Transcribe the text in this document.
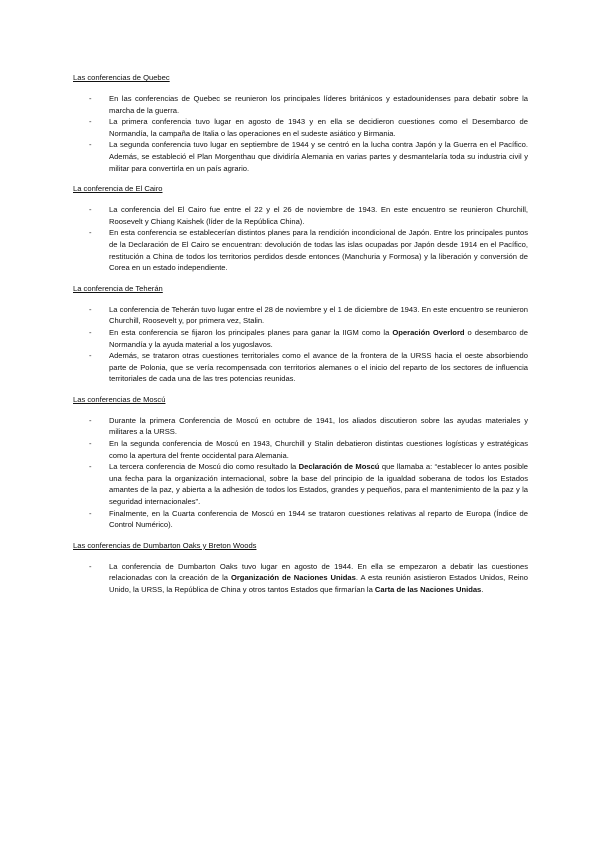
Las conferencias de Quebec
- En las conferencias de Quebec se reunieron los principales líderes británicos y estadounidenses para debatir sobre la marcha de la guerra.
- La primera conferencia tuvo lugar en agosto de 1943 y en ella se decidieron cuestiones como el Desembarco de Normandía, la campaña de Italia o las operaciones en el sudeste asiático y Birmania.
- La segunda conferencia tuvo lugar en septiembre de 1944 y se centró en la lucha contra Japón y la Guerra en el Pacífico. Además, se estableció el Plan Morgenthau que dividiría Alemania en varias partes y desmantelaría toda su industria civil y militar para convertirla en un país agrario.
La conferencia de El Cairo
- La conferencia del El Cairo fue entre el 22 y el 26 de noviembre de 1943. En este encuentro se reunieron Churchill, Roosevelt y Chiang Kaishek (líder de la República China).
- En esta conferencia se establecerían distintos planes para la rendición incondicional de Japón. Entre los principales puntos de la Declaración de El Cairo se encuentran: devolución de todas las islas ocupadas por Japón desde 1914 en el Pacífico, restitución a China de todos los territorios perdidos desde entonces (Manchuria y Formosa) y la liberación y conversión de Corea en un estado independiente.
La conferencia de Teherán
- La conferencia de Teherán tuvo lugar entre el 28 de noviembre y el 1 de diciembre de 1943. En este encuentro se reunieron Churchill, Roosevelt y, por primera vez, Stalin.
- En esta conferencia se fijaron los principales planes para ganar la IIGM como la Operación Overlord o desembarco de Normandía y la ayuda material a los yugoslavos.
- Además, se trataron otras cuestiones territoriales como el avance de la frontera de la URSS hacia el oeste absorbiendo parte de Polonia, que se vería recompensada con territorios alemanes o el inicio del reparto de los sectores de influencia territoriales de cada una de las tres potencias reunidas.
Las conferencias de Moscú
- Durante la primera Conferencia de Moscú en octubre de 1941, los aliados discutieron sobre las ayudas materiales y militares a la URSS.
- En la segunda conferencia de Moscú en 1943, Churchill y Stalin debatieron distintas cuestiones logísticas y estratégicas como la apertura del frente occidental para Alemania.
- La tercera conferencia de Moscú dio como resultado la Declaración de Moscú que llamaba a: “establecer lo antes posible una fecha para la organización internacional, sobre la base del principio de la igualdad soberana de todos los Estados amantes de la paz, y abierta a la adhesión de todos los Estados, grandes y pequeños, para el mantenimiento de la paz y la seguridad internacionales”.
- Finalmente, en la Cuarta conferencia de Moscú en 1944 se trataron cuestiones relativas al reparto de Europa (Índice de Control Numérico).
Las conferencias de Dumbarton Oaks y Breton Woods
- La conferencia de Dumbarton Oaks tuvo lugar en agosto de 1944. En ella se empezaron a debatir las cuestiones relacionadas con la creación de la Organización de Naciones Unidas. A esta reunión asistieron Estados Unidos, Reino Unido, la URSS, la República de China y otros tantos Estados que firmarían la Carta de las Naciones Unidas.
